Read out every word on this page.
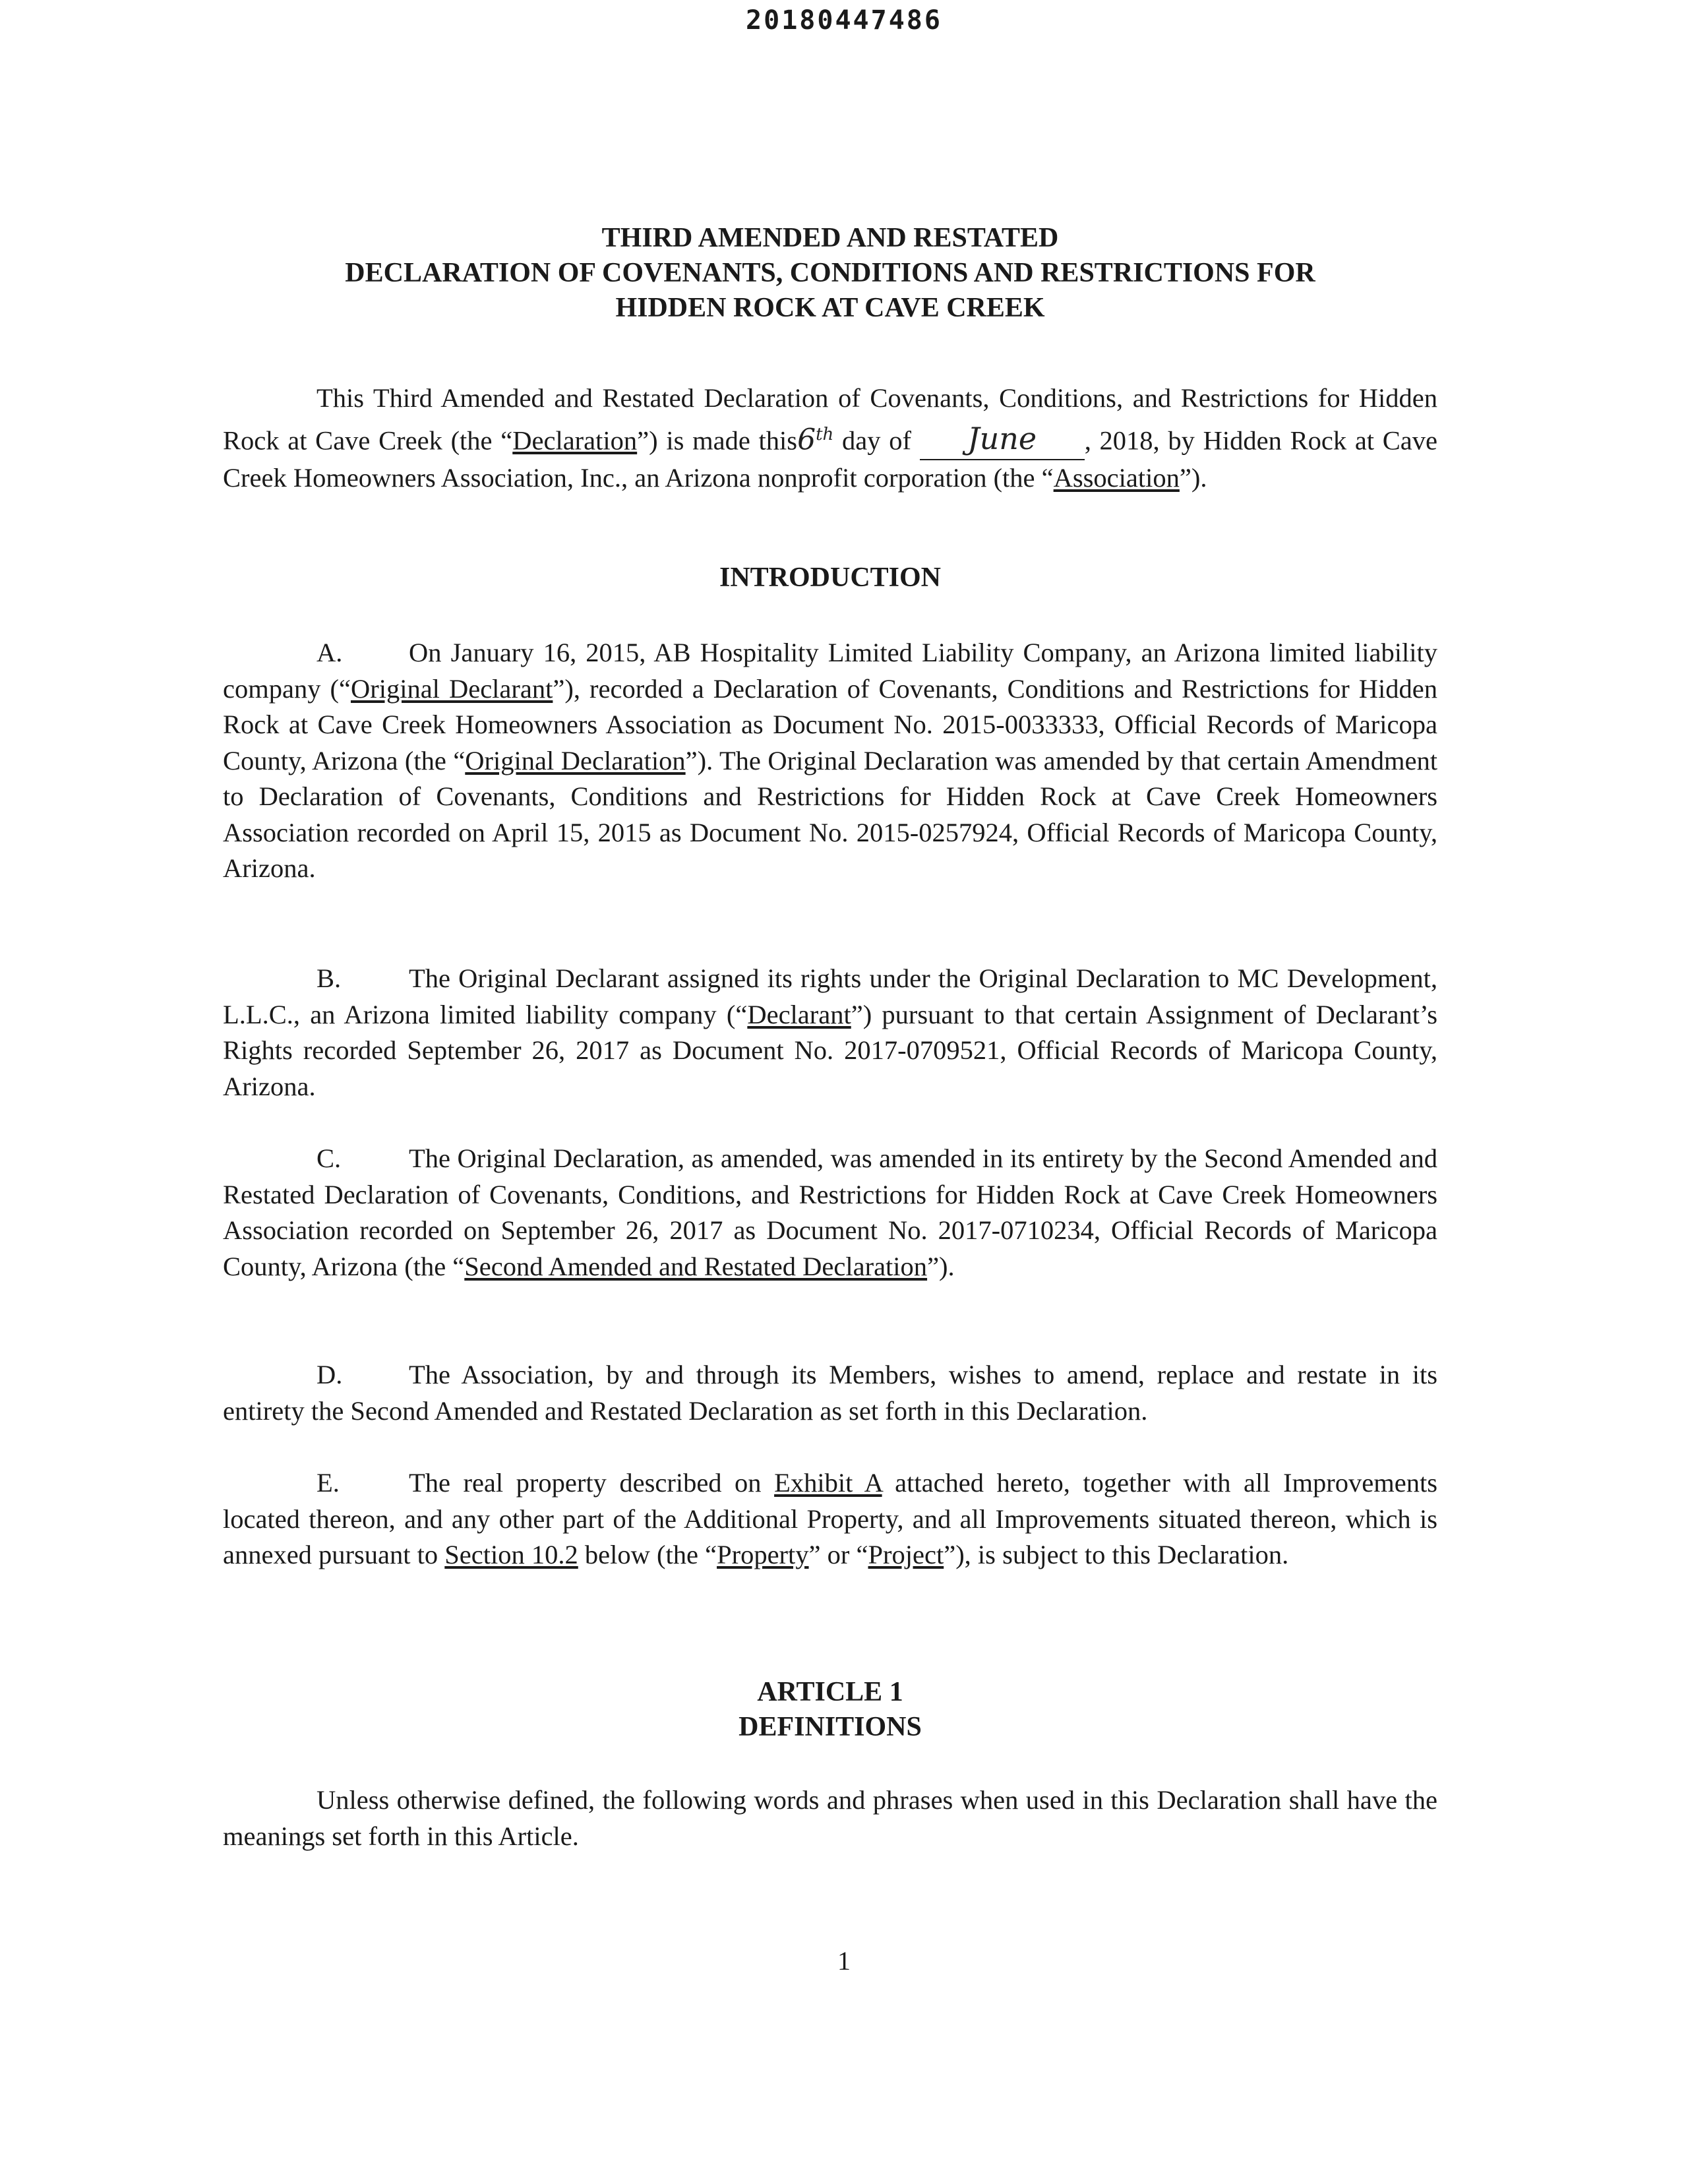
20180447486
THIRD AMENDED AND RESTATED
DECLARATION OF COVENANTS, CONDITIONS AND RESTRICTIONS FOR
HIDDEN ROCK AT CAVE CREEK
This Third Amended and Restated Declaration of Covenants, Conditions, and Restrictions for Hidden Rock at Cave Creek (the “Declaration”) is made this6th day of June , 2018, by Hidden Rock at Cave Creek Homeowners Association, Inc., an Arizona nonprofit corporation (the “Association”).
INTRODUCTION
A. On January 16, 2015, AB Hospitality Limited Liability Company, an Arizona limited liability company (“Original Declarant”), recorded a Declaration of Covenants, Conditions and Restrictions for Hidden Rock at Cave Creek Homeowners Association as Document No. 2015-0033333, Official Records of Maricopa County, Arizona (the “Original Declaration”). The Original Declaration was amended by that certain Amendment to Declaration of Covenants, Conditions and Restrictions for Hidden Rock at Cave Creek Homeowners Association recorded on April 15, 2015 as Document No. 2015-0257924, Official Records of Maricopa County, Arizona.
B.	The Original Declarant assigned its rights under the Original Declaration to MC Development, L.L.C., an Arizona limited liability company (“Declarant”) pursuant to that certain Assignment of Declarant’s Rights recorded September 26, 2017 as Document No. 2017-0709521, Official Records of Maricopa County, Arizona.
C.	The Original Declaration, as amended, was amended in its entirety by the Second Amended and Restated Declaration of Covenants, Conditions, and Restrictions for Hidden Rock at Cave Creek Homeowners Association recorded on September 26, 2017 as Document No. 2017-0710234, Official Records of Maricopa County, Arizona (the “Second Amended and Restated Declaration”).
D. The Association, by and through its Members, wishes to amend, replace and restate in its entirety the Second Amended and Restated Declaration as set forth in this Declaration.
E.	The real property described on Exhibit A attached hereto, together with all Improvements located thereon, and any other part of the Additional Property, and all Improvements situated thereon, which is annexed pursuant to Section 10.2 below (the “Property” or “Project”), is subject to this Declaration.
ARTICLE 1
DEFINITIONS
Unless otherwise defined, the following words and phrases when used in this Declaration shall have the meanings set forth in this Article.
1
